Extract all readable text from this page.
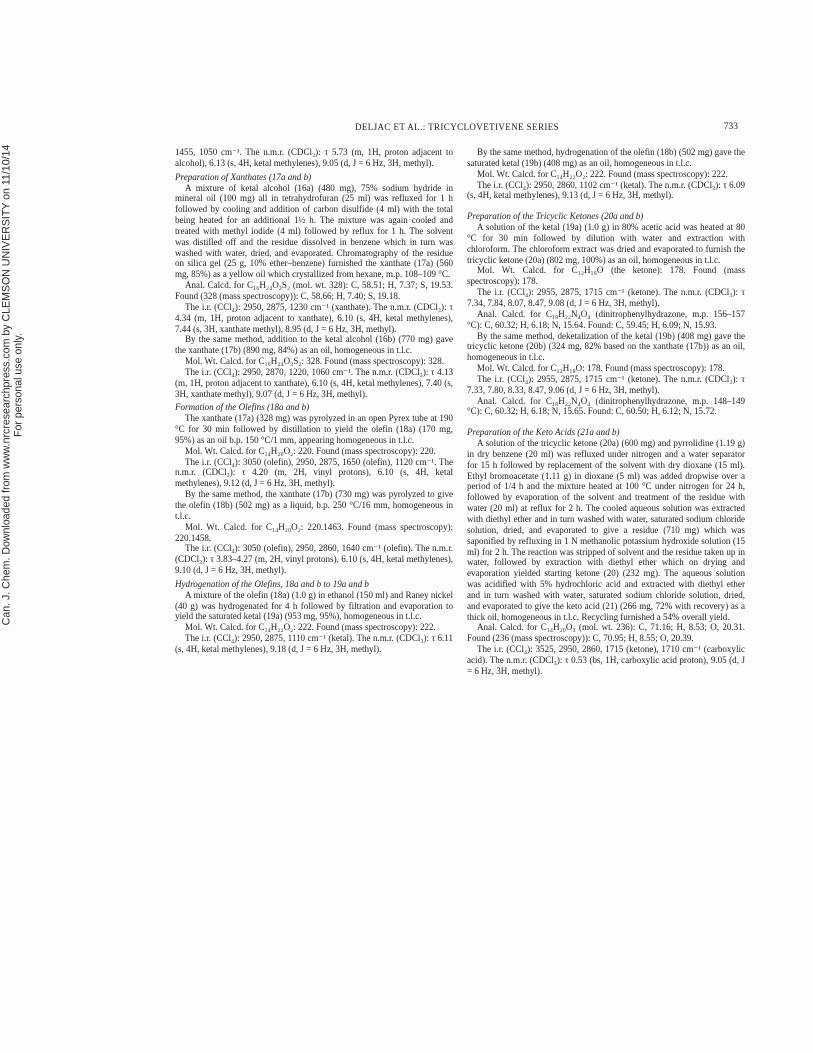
Can. J. Chem. Downloaded from www.nrcresearchpress.com by CLEMSON UNIVERSITY on 11/10/14 For personal use only.
DELJAC ET AL.: TRICYCLOVETIVENE SERIES	733

1455, 1050 cm⁻¹. The n.m.r. (CDCl₃): τ 5.73 (m, 1H, proton adjacent to alcohol), 6.13 (s, 4H, ketal methylenes), 9.05 (d, J = 6 Hz, 3H, methyl).

Preparation of Xanthates (17a and b)

A mixture of ketal alcohol (16a) (480 mg), 75% sodium hydride in mineral oil (100 mg) all in tetrahydrofuran (25 ml) was refluxed for 1 h followed by cooling and addition of carbon disulfide (4 ml) with the total being heated for an additional 1½ h. The mixture was again cooled and treated with methyl iodide (4 ml) followed by reflux for 1 h. The solvent was distilled off and the residue dissolved in benzene which in turn was washed with water, dried, and evaporated. Chromatography of the residue on silica gel (25 g, 10% ether–benzene) furnished the xanthate (17a) (560 mg, 85%) as a yellow oil which crystallized from hexane, m.p. 108–109 °C.

Anal. Calcd. for C₁₆H₂₄O₃S₂ (mol. wt. 328): C, 58.51; H, 7.37; S, 19.53. Found (328 (mass spectroscopy)): C, 58.66; H, 7.40; S, 19.18.

The i.r. (CCl₄): 2950, 2875, 1230 cm⁻¹ (xanthate). The n.m.r. (CDCl₃): τ 4.34 (m, 1H, proton adjacent to xanthate), 6.10 (s, 4H, ketal methylenes), 7.44 (s, 3H, xanthate methyl), 8.95 (d, J = 6 Hz, 3H, methyl).

By the same method, addition to the ketal alcohol (16b) (770 mg) gave the xanthate (17b) (890 mg, 84%) as an oil, homogeneous in t.l.c.

Mol. Wt. Calcd. for C₁₆H₂₄O₃S₂: 328. Found (mass spectroscopy): 328.

The i.r. (CCl₄): 2950, 2870, 1220, 1060 cm⁻¹. The n.m.r. (CDCl₃): τ 4.13 (m, 1H, proton adjacent to xanthate), 6.10 (s, 4H, ketal methylenes), 7.40 (s, 3H, xanthate methyl), 9.07 (d, J = 6 Hz, 3H, methyl).

Formation of the Olefins (18a and b)

The xanthate (17a) (328 mg) was pyrolyzed in an open Pyrex tube at 190 °C for 30 min followed by distillation to yield the olefin (18a) (170 mg, 95%) as an oil b.p. 150 °C/1 mm, appearing homogeneous in t.l.c.

Mol. Wt. Calcd. for C₁₄H₂₀O₂: 220. Found (mass spectroscopy): 220.

The i.r. (CCl₄): 3050 (olefin), 2950, 2875, 1650 (olefin), 1120 cm⁻¹. The n.m.r. (CDCl₃): τ 4.20 (m, 2H, vinyl protons), 6.10 (s, 4H, ketal methylenes), 9.12 (d, J = 6 Hz, 3H, methyl).

By the same method, the xanthate (17b) (730 mg) was pyrolyzed to give the olefin (18b) (502 mg) as a liquid, b.p. 250 °C/16 mm, homogeneous in t.l.c.

Mol. Wt. Calcd. for C₁₄H₂₀O₂: 220.1463. Found (mass spectroscopy): 220.1458.

The i.r. (CCl₄): 3050 (olefin), 2950, 2860, 1640 cm⁻¹ (olefin). The n.m.r. (CDCl₃): τ 3.83–4.27 (m, 2H, vinyl protons), 6.10 (s, 4H, ketal methylenes), 9.10 (d, J = 6 Hz, 3H, methyl).

Hydrogenation of the Olefins, 18a and b to 19a and b

A mixture of the olefin (18a) (1.0 g) in ethanol (150 ml) and Raney nickel (40 g) was hydrogenated for 4 h followed by filtration and evaporation to yield the saturated ketal (19a) (953 mg, 95%), homogeneous in t.l.c.

Mol. Wt. Calcd. for C₁₄H₂₂O₂: 222. Found (mass spectroscopy): 222.

The i.r. (CCl₄): 2950, 2875, 1110 cm⁻¹ (ketal). The n.m.r. (CDCl₃): τ 6.11 (s, 4H, ketal methylenes), 9.18 (d, J = 6 Hz, 3H, methyl).

By the same method, hydrogenation of the olefin (18b) (502 mg) gave the saturated ketal (19b) (408 mg) as an oil, homogeneous in t.l.c.

Mol. Wt. Calcd. for C₁₄H₂₂O₂: 222. Found (mass spectroscopy): 222.

The i.r. (CCl₄): 2950, 2860, 1102 cm⁻¹ (ketal). The n.m.r. (CDCl₃): τ 6.09 (s, 4H, ketal methylenes), 9.13 (d, J = 6 Hz, 3H, methyl).

Preparation of the Tricyclic Ketones (20a and b)

A solution of the ketal (19a) (1.0 g) in 80% acetic acid was heated at 80 °C for 30 min followed by dilution with water and extraction with chloroform. The chloroform extract was dried and evaporated to furnish the tricyclic ketone (20a) (802 mg, 100%) as an oil, homogeneous in t.l.c.

Mol. Wt. Calcd. for C₁₂H₁₈O (the ketone): 178. Found (mass spectroscopy): 178.

The i.r. (CCl₄): 2955, 2875, 1715 cm⁻¹ (ketone). The n.m.r. (CDCl₃): τ 7.34, 7.84, 8.07, 8.47, 9.08 (d, J = 6 Hz, 3H, methyl).

Anal. Calcd. for C₁₈H₂₂N₄O₄ (dinitrophenylhydrazone, m.p. 156–157 °C): C, 60.32; H, 6.18; N, 15.64. Found: C, 59.45; H, 6.09; N, 15.93.

By the same method, deketalization of the ketal (19b) (408 mg) gave the tricyclic ketone (20b) (324 mg, 82% based on the xanthate (17b)) as an oil, homogeneous in t.l.c.

Mol. Wt. Calcd. for C₁₂H₁₈O: 178. Found (mass spectroscopy): 178.

The i.r. (CCl₄): 2955, 2875, 1715 cm⁻¹ (ketone). The n.m.r. (CDCl₃): τ 7.33, 7.80, 8.33, 8.47, 9.06 (d, J = 6 Hz, 3H, methyl).

Anal. Calcd. for C₁₈H₂₂N₄O₄ (dinitrophenylhydrazone, m.p. 148–149 °C): C, 60.32; H, 6.18; N, 15.65. Found: C, 60.50; H, 6.12; N, 15.72.

Preparation of the Keto Acids (21a and b)

A solution of the tricyclic ketone (20a) (600 mg) and pyrrolidine (1.19 g) in dry benzene (20 ml) was refluxed under nitrogen and a water separator for 15 h followed by replacement of the solvent with dry dioxane (15 ml). Ethyl bromoacetate (1.11 g) in dioxane (5 ml) was added dropwise over a period of 1/4 h and the mixture heated at 100 °C under nitrogen for 24 h, followed by evaporation of the solvent and treatment of the residue with water (20 ml) at reflux for 2 h. The cooled aqueous solution was extracted with diethyl ether and in turn washed with water, saturated sodium chloride solution, dried, and evaporated to give a residue (710 mg) which was saponified by refluxing in 1 N methanolic potassium hydroxide solution (15 ml) for 2 h. The reaction was stripped of solvent and the residue taken up in water, followed by extraction with diethyl ether which on drying and evaporation yielded starting ketone (20) (232 mg). The aqueous solution was acidified with 5% hydrochloric acid and extracted with diethyl ether and in turn washed with water, saturated sodium chloride solution, dried, and evaporated to give the keto acid (21) (266 mg, 72% with recovery) as a thick oil, homogeneous in t.l.c. Recycling furnished a 54% overall yield.

Anal. Calcd. for C₁₄H₂₀O₃ (mol. wt. 236): C, 71.16; H, 8.53; O, 20.31. Found (236 (mass spectroscopy)): C, 70.95; H, 8.55; O, 20.39.

The i.r. (CCl₄): 3525, 2950, 2860, 1715 (ketone), 1710 cm⁻¹ (carboxylic acid). The n.m.r. (CDCl₃): τ 0.53 (bs, 1H, carboxylic acid proton), 9.05 (d, J = 6 Hz, 3H, methyl).
